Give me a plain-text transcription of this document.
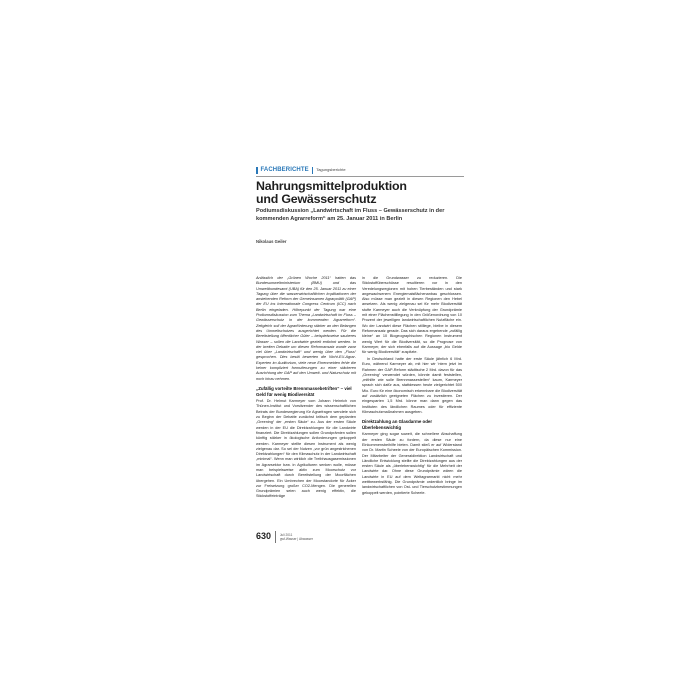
FACHBERICHTE Tagungsberichte
Nahrungsmittelproduktion
und Gewässerschutz

Podiumsdiskussion „Landwirtschaft im Fluss – Gewässerschutz in der kommenden Agrarreform“ am 25. Januar 2011 in Berlin

Nikolaus Geiler

Anlässlich der „Grünen Woche 2011“ hatten das Bundesumweltministerium (BMU) und das Umweltbundesamt (UBA) für den 25. Januar 2011 zu einer Tagung über die wasserwirtschaftlichen Implikationen der anstehenden Reform der Gemeinsamen Agrarpolitik (GAP) der EU ins Internationale Congress Centrum (ICC) nach Berlin eingeladen. Höhepunkt der Tagung war eine Podiumsdiskussion zum Thema „Landwirtschaft im Fluss – Gewässerschutz in der kommenden Agrarreform“. Zeitgleich soll der Agrarförderung stärker an den Belangen des Umweltschutzes ausgerichtet werden. Für die Bereitstellung öffentlicher Güter – beispielsweise sauberes Wasser – sollen die Landwirte gezielt entlohnt werden. In der breiten Debatte um diesen Reformansatz wurde zwar viel über „Landwirtschaft“ und wenig über den „Fluss“ gesprochen. Dies bestä bewerten die Nicht-EU-Agrar-Experten im Auditorium, viele neue Ehrenmeiden fehle die keiner kompliziert formulierungen zu einer stärkeren Ausrichtung der GAP auf den Umwelt- und Naturschutz mit noch hinzu nehmen.

„Zufällig vorteilte Brennmassebetriften“ – viel Geld für wenig Biodiversität

Prof. Dr. Helmut Karmeyer vom Johann Heinrich von Thünen-Institut und Vorsitzender des wissenschaftlichen Beirats der Bundesregierung für Agrarfragen wendete sich zu Beginn der Debatte zunächst kritisch dem geplanten „Greening“ der „ersten Säule“ zu. Aus der ersten Säule werden in der EU die Direktzahlungen für die Landwirte finanziert. Die Direktzahlungen sollen Grundprämien sollen künftig stärker in ökologische Anforderungen gekoppelt werden. Karmeyer stellte diesen Instrument als wenig zielgenau dar. So sei der Nutzen „vor grün angestrichenen Direktzahlungen“ für den Klimaschutz in der Landwirtschaft „minimal“. Wenn man wirklich die Treibhausgasemissionen im Agrarsektor bzw. in Agrikulturen senken wolle, müsse man beispielsweise aktiv zum Moorschutz vor Landwirtschaft durch Bereitstellung der Moorflächen übergehen. Ein Umbrechen der Moorstandorte für Äcker zur Freisetzung großer CO2-Mengen. Die generellen Grundprämien seien auch wenig effektiv, die Stickstoffeinträge

in die Grundwasser zu reduzieren. Die Stickstoffüberschüsse resultieren vor in den Veredelungsregionen mit hohen Tierbeständen und stark angewachsenem Energiemaisflächenanbau geschlossen. Also müsse man gezielt in diesen Regionen den Hebel ansetzen. Als wenig zielgenau sei für mehr Biodiversität stufte Karmeyer auch die Verknüpfung der Grundprämie mit einer Flächenstilllegung in den Größenordnung von 10 Prozent der jeweiligen landwirtschaftlichen Nutzfläche ein. Wo der Landwirt diese Flächen stilllege, bleibe in diesem Reformansatz gerade. Das sich daraus ergebende „zufällig kleine“ an 10 Biogeographischen Regionen Instrument wenig Wert für die Biodiversität, so die Prognose von Karmeyer, der sich ebenfalls auf die Aussage „bio Gelde für wenig Biodiversität“ zuspitzte.

In Deutschland hatte der erste Säule jährlich 6 Mrd. Euro, während Karmeyer ab, mit hier wir 'ntern jetzt im Rahmen der GAP-Reform städtische 2 Mrd. davon für das „Greening“ verwendet würden, könnte damit feststellen, „mithilfe wie solle Brennmassestellen“ kaum, Karmeyer sprach sich dafür aus, stattdessen heute zielgerichtet 500 Mio. Euro für eine ökonomisch erkennbare die Biodiversität auf zusätzlich geeigneten Flächen zu investieren. Der eingesparten 1,5 Mrd. könne man dann gegen das Instituten des ländlichen Raumes oder für effiziente Klimaschutzmaßnahmen ausgeben.

Direktzahlung an Glasdarme oder Überlebenswichtig

Karmeyer ging sogar soweit, die schnellere Abschaffung der ersten Säule zu fordern, da diese nur eine Einkommensbeihilfe bieten. Damit stieß er auf Widerstand von Dr. Martin Scheele von der Europäischen Kommission. Der Mitarbeiter der Generaldirektion Landwirtschaft und Ländliche Entwicklung stellte die Direktzahlungen aus der ersten Säule als „überlebenswichtig“ für die Mehrheit der Landwirte dar. Ohne diese Grundprämie wären die Landwirte in EU auf dem Weltagrarmarkt nicht mehr wettbewerbsfähig. Die Grundprämie ordentlich bringe im landwirtschaftlichen von Ost- und Tierschutzbestimmungen gekoppelt werden, pointierte Scheele.

630	Juli 2011
gwf-Wasser | Abwasser
